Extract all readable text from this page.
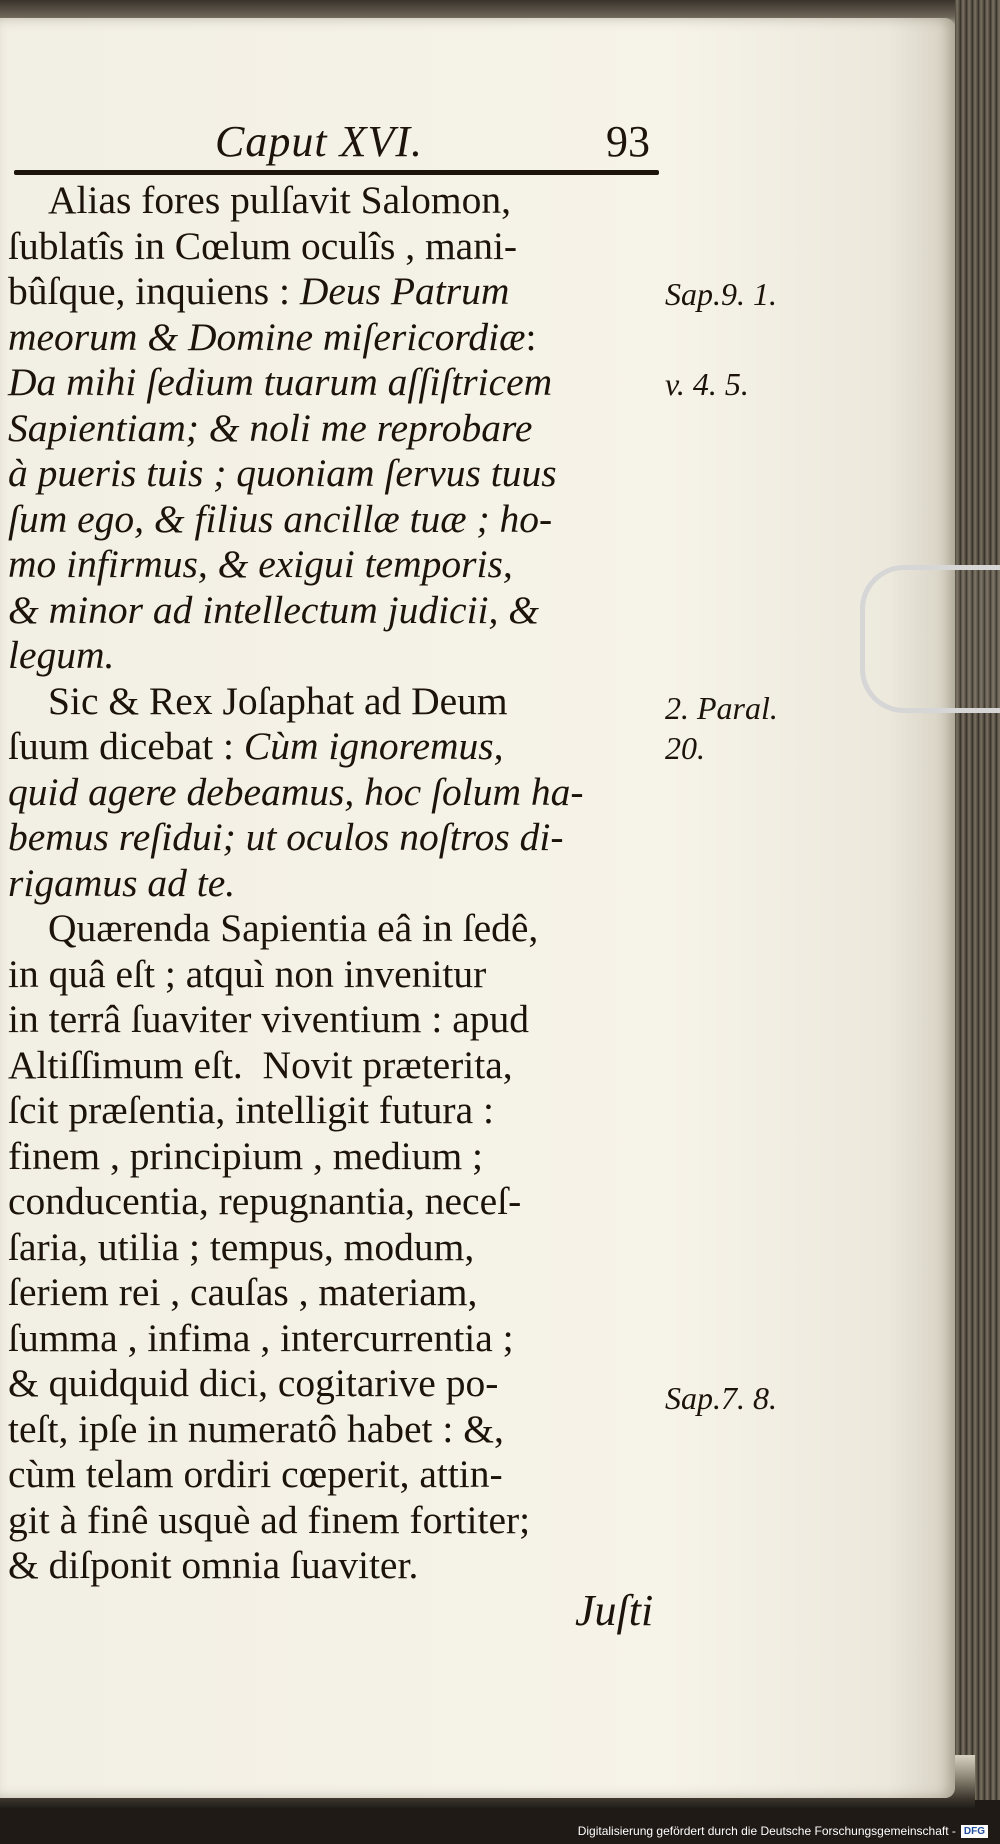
Caput XVI.	93
Alias fores pulſavit Salomon,
ſublatîs in Cœlum oculîs , mani-
bûſque, inquiens : Deus Patrum
meorum & Domine miſericordiæ:
Da mihi ſedium tuarum aſſiſtricem
Sapientiam; & noli me reprobare
à pueris tuis ; quoniam ſervus tuus
ſum ego, & filius ancillæ tuæ ; ho-
mo infirmus, & exigui temporis,
& minor ad intellectum judicii, &
legum.
Sic & Rex Joſaphat ad Deum
ſuum dicebat : Cùm ignoremus,
quid agere debeamus, hoc ſolum ha-
bemus reſidui; ut oculos noſtros di-
rigamus ad te.
Quærenda Sapientia eâ in ſedê,
in quâ eſt ; atquì non invenitur
in terrâ ſuaviter viventium : apud
Altiſſimum eſt.  Novit præterita,
ſcit præſentia, intelligit futura :
finem , principium , medium ;
conducentia, repugnantia, neceſ-
ſaria, utilia ; tempus, modum,
ſeriem rei , cauſas , materiam,
ſumma , infima , intercurrentia ;
& quidquid dici, cogitarive po-
teſt, ipſe in numeratô habet : &,
cùm telam ordiri cœperit, attin-
git à finê usquè ad finem fortiter;
& diſponit omnia ſuaviter.
Sap.9. 1.
v. 4. 5.
2. Paral.
20.
Sap.7. 8.
Juſti
Digitalisierung gefördert durch die Deutsche Forschungsgemeinschaft - DFG
